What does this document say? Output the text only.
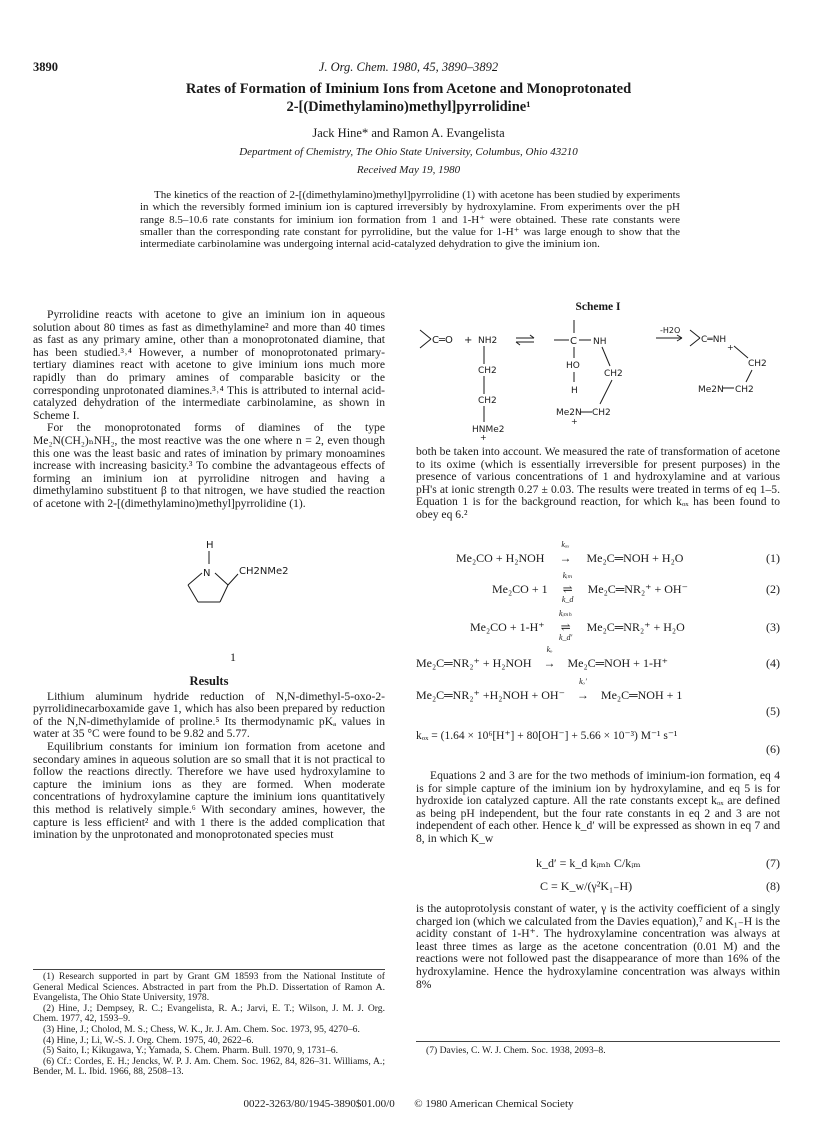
3890	J. Org. Chem. 1980, 45, 3890–3892
Rates of Formation of Iminium Ions from Acetone and Monoprotonated
2-[(Dimethylamino)methyl]pyrrolidine¹
Jack Hine* and Ramon A. Evangelista
Department of Chemistry, The Ohio State University, Columbus, Ohio 43210
Received May 19, 1980
The kinetics of the reaction of 2-[(dimethylamino)methyl]pyrrolidine (1) with acetone has been studied by experiments in which the reversibly formed iminium ion is captured irreversibly by hydroxylamine. From experiments over the pH range 8.5–10.6 rate constants for iminium ion formation from 1 and 1-H⁺ were obtained. These rate constants were smaller than the corresponding rate constant for pyrrolidine, but the value for 1-H⁺ was large enough to show that the intermediate carbinolamine was undergoing internal acid-catalyzed dehydration to give the iminium ion.

Pyrrolidine reacts with acetone to give an iminium ion in aqueous solution about 80 times as fast as dimethylamine² and more than 40 times as fast as any primary amine, other than a monoprotonated diamine, that has been studied.³˒⁴ However, a number of monoprotonated primary-tertiary diamines react with acetone to give iminium ions much more rapidly than do primary amines of comparable basicity or the corresponding unprotonated diamines.³˒⁴ This is attributed to internal acid-catalyzed dehydration of the intermediate carbinolamine, as shown in Scheme I.

For the monoprotonated forms of diamines of the type Me₂N(CH₂)ₙNH₂, the most reactive was the one where n = 2, even though this one was the least basic and rates of imination by primary monoamines increase with increasing basicity.³ To combine the advantageous effects of forming an iminium ion at pyrrolidine nitrogen and having a dimethylamino substituent β to that nitrogen, we have studied the reaction of acetone with 2-[(dimethylamino)methyl]pyrrolidine (1).

H
N	CH2NMe2
1
Results

Lithium aluminum hydride reduction of N,N-dimethyl-5-oxo-2-pyrrolidinecarboxamide gave 1, which has also been prepared by reduction of the N,N-dimethylamide of proline.⁵ Its thermodynamic pKₐ values in water at 35 °C were found to be 9.82 and 5.77.

Equilibrium constants for iminium ion formation from acetone and secondary amines in aqueous solution are so small that it is not practical to follow the reactions directly. Therefore we have used hydroxylamine to capture the iminium ions as they are formed. When moderate concentrations of hydroxylamine capture the iminium ions quantitatively this method is relatively simple.⁶ With secondary amines, however, the capture is less efficient² and with 1 there is the added complication that imination by the unprotonated and monoprotonated species must

(1) Research supported in part by Grant GM 18593 from the National Institute of General Medical Sciences. Abstracted in part from the Ph.D. Dissertation of Ramon A. Evangelista, The Ohio State University, 1978.
(2) Hine, J.; Dempsey, R. C.; Evangelista, R. A.; Jarvi, E. T.; Wilson, J. M. J. Org. Chem. 1977, 42, 1593–9.
(3) Hine, J.; Cholod, M. S.; Chess, W. K., Jr. J. Am. Chem. Soc. 1973, 95, 4270–6.
(4) Hine, J.; Li, W.-S. J. Org. Chem. 1975, 40, 2622–6.
(5) Saito, I.; Kikugawa, Y.; Yamada, S. Chem. Pharm. Bull. 1970, 9, 1731–6.
(6) Cf.: Cordes, E. H.; Jencks, W. P. J. Am. Chem. Soc. 1962, 84, 826–31. Williams, A.; Bender, M. L. Ibid. 1966, 88, 2508–13.
Scheme I
C═O + NH2
CH2
CH2
HNMe2
+
C NH
HO
H
CH2
Me2N CH2
+
-H2O
C═NH
+
CH2
Me2N CH2

both be taken into account. We measured the rate of transformation of acetone to its oxime (which is essentially irreversible for present purposes) in the presence of various concentrations of 1 and hydroxylamine and at various pH's at ionic strength 0.27 ± 0.03. The results were treated in terms of eq 1–5. Equation 1 is for the background reaction, for which kₒₓ has been found to obey eq 6.²

Me₂CO + H₂NOH
kₐₓ
→ Me₂C═NOH + H₂O	(1)
Me₂CO + 1
kᵢₘ
⇌
k_d
Me₂C═NR₂⁺ + OH⁻	(2)
Me₂CO + 1-H⁺
kᵢₘₕ
⇌
k_d′
Me₂C═NR₂⁺ + H₂O	(3)
Me₂C═NR₂⁺ + H₂NOH
kₒ
→ Me₂C═NOH + 1-H⁺	(4)
Me₂C═NR₂⁺ +H₂NOH + OH⁻
kₒ′
→ Me₂C═NOH + 1
(5)
kₒₓ = (1.64 × 10⁶[H⁺] + 80[OH⁻] + 5.66 × 10⁻³) M⁻¹ s⁻¹
(6)

Equations 2 and 3 are for the two methods of iminium-ion formation, eq 4 is for simple capture of the iminium ion by hydroxylamine, and eq 5 is for hydroxide ion catalyzed capture. All the rate constants except kₒₓ are defined as being pH independent, but the four rate constants in eq 2 and 3 are not independent of each other. Hence k_d′ will be expressed as shown in eq 7 and 8, in which K_w

k_d′ = k_d kᵢₘₕ C/kᵢₘ	(7)
C = K_w/(γ²K₁₋H)	(8)

is the autoprotolysis constant of water, γ is the activity coefficient of a singly charged ion (which we calculated from the Davies equation),⁷ and K₁₋H is the acidity constant of 1-H⁺. The hydroxylamine concentration was always at least three times as large as the acetone concentration (0.01 M) and the reactions were not followed past the disappearance of more than 16% of the hydroxylamine. Hence the hydroxylamine concentration was always within 8%

(7) Davies, C. W. J. Chem. Soc. 1938, 2093–8.
0022-3263/80/1945-3890$01.00/0 © 1980 American Chemical Society
